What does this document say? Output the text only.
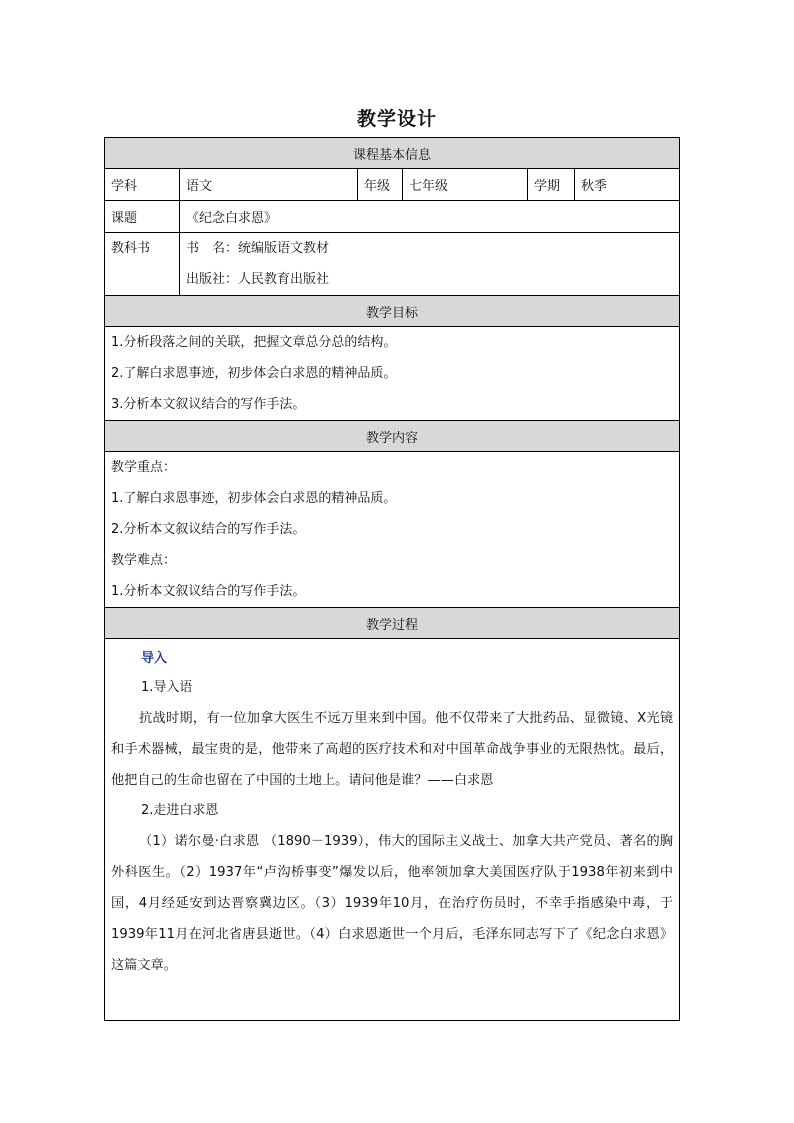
教学设计
课程基本信息					
学科	语文	年级	七年级	学期	秋季
课题	《纪念白求恩》				

教科书	书　名：统编版语文教材
出版社：人民教育出版社				

教学目标					

1.分析段落之间的关联，把握文章总分总的结构。
2.了解白求恩事迹，初步体会白求恩的精神品质。
3.分析本文叙议结合的写作手法。					

教学内容					

教学重点：
1.了解白求恩事迹，初步体会白求恩的精神品质。
2.分析本文叙议结合的写作手法。
教学难点：
1.分析本文叙议结合的写作手法。					

教学过程					

导入
1.导入语
抗战时期，有一位加拿大医生不远万里来到中国。他不仅带来了大批药品、显微镜、X光镜和手术器械，最宝贵的是，他带来了高超的医疗技术和对中国革命战争事业的无限热忱。最后，他把自己的生命也留在了中国的土地上。请问他是谁？——白求恩
2.走进白求恩
（1）诺尔曼·白求恩 （1890－1939），伟大的国际主义战士、加拿大共产党员、著名的胸外科医生。（2）1937年“卢沟桥事变”爆发以后，他率领加拿大美国医疗队于1938年初来到中国，4月经延安到达晋察冀边区。（3）1939年10月，在治疗伤员时，不幸手指感染中毒，于1939年11月在河北省唐县逝世。（4）白求恩逝世一个月后，毛泽东同志写下了《纪念白求恩》这篇文章。					
